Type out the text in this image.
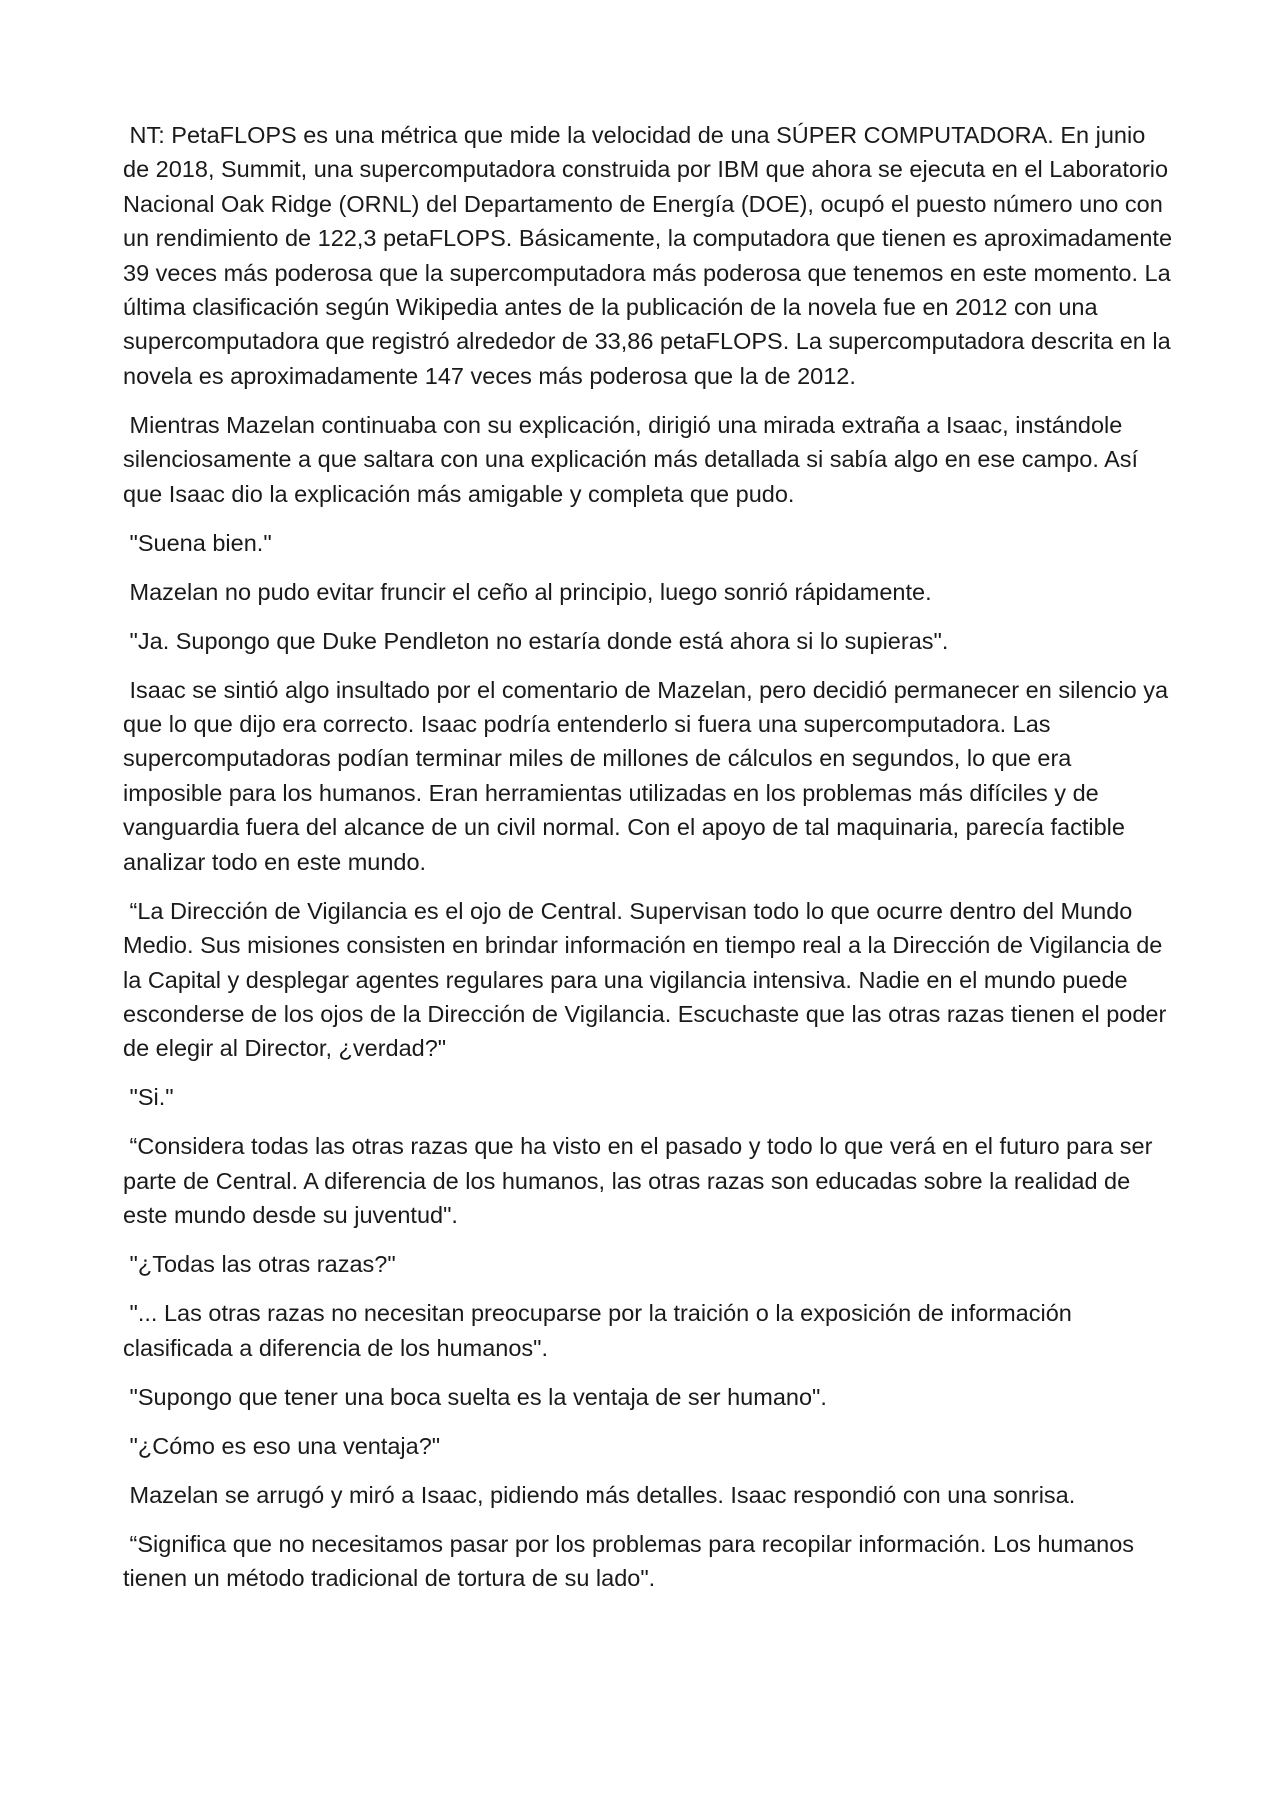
NT: PetaFLOPS es una métrica que mide la velocidad de una SÚPER COMPUTADORA. En junio de 2018, Summit, una supercomputadora construida por IBM que ahora se ejecuta en el Laboratorio Nacional Oak Ridge (ORNL) del Departamento de Energía (DOE), ocupó el puesto número uno con un rendimiento de 122,3 petaFLOPS. Básicamente, la computadora que tienen es aproximadamente 39 veces más poderosa que la supercomputadora más poderosa que tenemos en este momento. La última clasificación según Wikipedia antes de la publicación de la novela fue en 2012 con una supercomputadora que registró alrededor de 33,86 petaFLOPS. La supercomputadora descrita en la novela es aproximadamente 147 veces más poderosa que la de 2012.

Mientras Mazelan continuaba con su explicación, dirigió una mirada extraña a Isaac, instándole silenciosamente a que saltara con una explicación más detallada si sabía algo en ese campo. Así que Isaac dio la explicación más amigable y completa que pudo.

"Suena bien."

Mazelan no pudo evitar fruncir el ceño al principio, luego sonrió rápidamente.

"Ja. Supongo que Duke Pendleton no estaría donde está ahora si lo supieras".

Isaac se sintió algo insultado por el comentario de Mazelan, pero decidió permanecer en silencio ya que lo que dijo era correcto. Isaac podría entenderlo si fuera una supercomputadora. Las supercomputadoras podían terminar miles de millones de cálculos en segundos, lo que era imposible para los humanos. Eran herramientas utilizadas en los problemas más difíciles y de vanguardia fuera del alcance de un civil normal. Con el apoyo de tal maquinaria, parecía factible analizar todo en este mundo.

“La Dirección de Vigilancia es el ojo de Central. Supervisan todo lo que ocurre dentro del Mundo Medio. Sus misiones consisten en brindar información en tiempo real a la Dirección de Vigilancia de la Capital y desplegar agentes regulares para una vigilancia intensiva. Nadie en el mundo puede esconderse de los ojos de la Dirección de Vigilancia. Escuchaste que las otras razas tienen el poder de elegir al Director, ¿verdad?"

"Si."

“Considera todas las otras razas que ha visto en el pasado y todo lo que verá en el futuro para ser parte de Central. A diferencia de los humanos, las otras razas son educadas sobre la realidad de este mundo desde su juventud".

"¿Todas las otras razas?"

"... Las otras razas no necesitan preocuparse por la traición o la exposición de información clasificada a diferencia de los humanos".

"Supongo que tener una boca suelta es la ventaja de ser humano".

"¿Cómo es eso una ventaja?"

Mazelan se arrugó y miró a Isaac, pidiendo más detalles. Isaac respondió con una sonrisa.

“Significa que no necesitamos pasar por los problemas para recopilar información. Los humanos tienen un método tradicional de tortura de su lado".
